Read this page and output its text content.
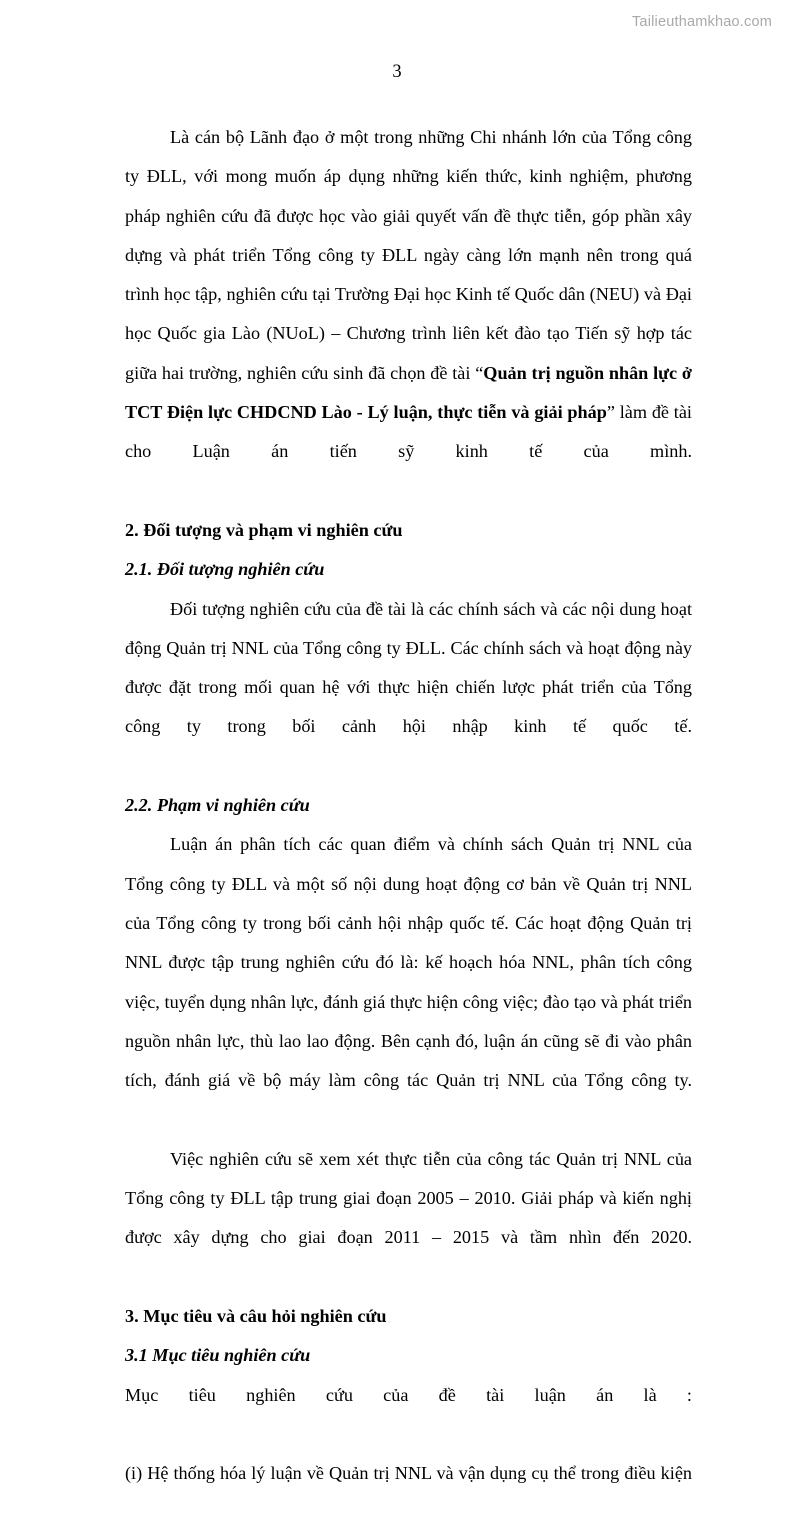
Tailieuthamkhao.com
3

Là cán bộ Lãnh đạo ở một trong những Chi nhánh lớn của Tổng công ty ĐLL, với mong muốn áp dụng những kiến thức, kinh nghiệm, phương pháp nghiên cứu đã được học vào giải quyết vấn đề thực tiễn, góp phần xây dựng và phát triển Tổng công ty ĐLL ngày càng lớn mạnh nên trong quá trình học tập, nghiên cứu tại Trường Đại học Kinh tế Quốc dân (NEU) và Đại học Quốc gia Lào (NUoL) – Chương trình liên kết đào tạo Tiến sỹ hợp tác giữa hai trường, nghiên cứu sinh đã chọn đề tài “Quản trị nguồn nhân lực ở TCT Điện lực CHDCND Lào - Lý luận, thực tiễn và giải pháp” làm đề tài cho Luận án tiến sỹ kinh tế của mình.

2. Đối tượng và phạm vi nghiên cứu
2.1. Đối tượng nghiên cứu

Đối tượng nghiên cứu của đề tài là các chính sách và các nội dung hoạt động Quản trị NNL của Tổng công ty ĐLL. Các chính sách và hoạt động này được đặt trong mối quan hệ với thực hiện chiến lược phát triển của Tổng công ty trong bối cảnh hội nhập kinh tế quốc tế.

2.2. Phạm vi nghiên cứu

Luận án phân tích các quan điểm và chính sách Quản trị NNL của Tổng công ty ĐLL và một số nội dung hoạt động cơ bản về Quản trị NNL của Tổng công ty trong bối cảnh hội nhập quốc tế. Các hoạt động Quản trị NNL được tập trung nghiên cứu đó là: kế hoạch hóa NNL, phân tích công việc, tuyển dụng nhân lực, đánh giá thực hiện công việc; đào tạo và phát triển nguồn nhân lực, thù lao lao động. Bên cạnh đó, luận án cũng sẽ đi vào phân tích, đánh giá về bộ máy làm công tác Quản trị NNL của Tổng công ty.

Việc nghiên cứu sẽ xem xét thực tiễn của công tác Quản trị NNL của Tổng công ty ĐLL tập trung giai đoạn 2005 – 2010. Giải pháp và kiến nghị được xây dựng cho giai đoạn 2011 – 2015 và tầm nhìn đến 2020.

3. Mục tiêu và câu hỏi nghiên cứu
3.1 Mục tiêu nghiên cứu

Mục tiêu nghiên cứu của đề tài luận án là :

(i) Hệ thống hóa lý luận về Quản trị NNL và vận dụng cụ thể trong điều kiện
